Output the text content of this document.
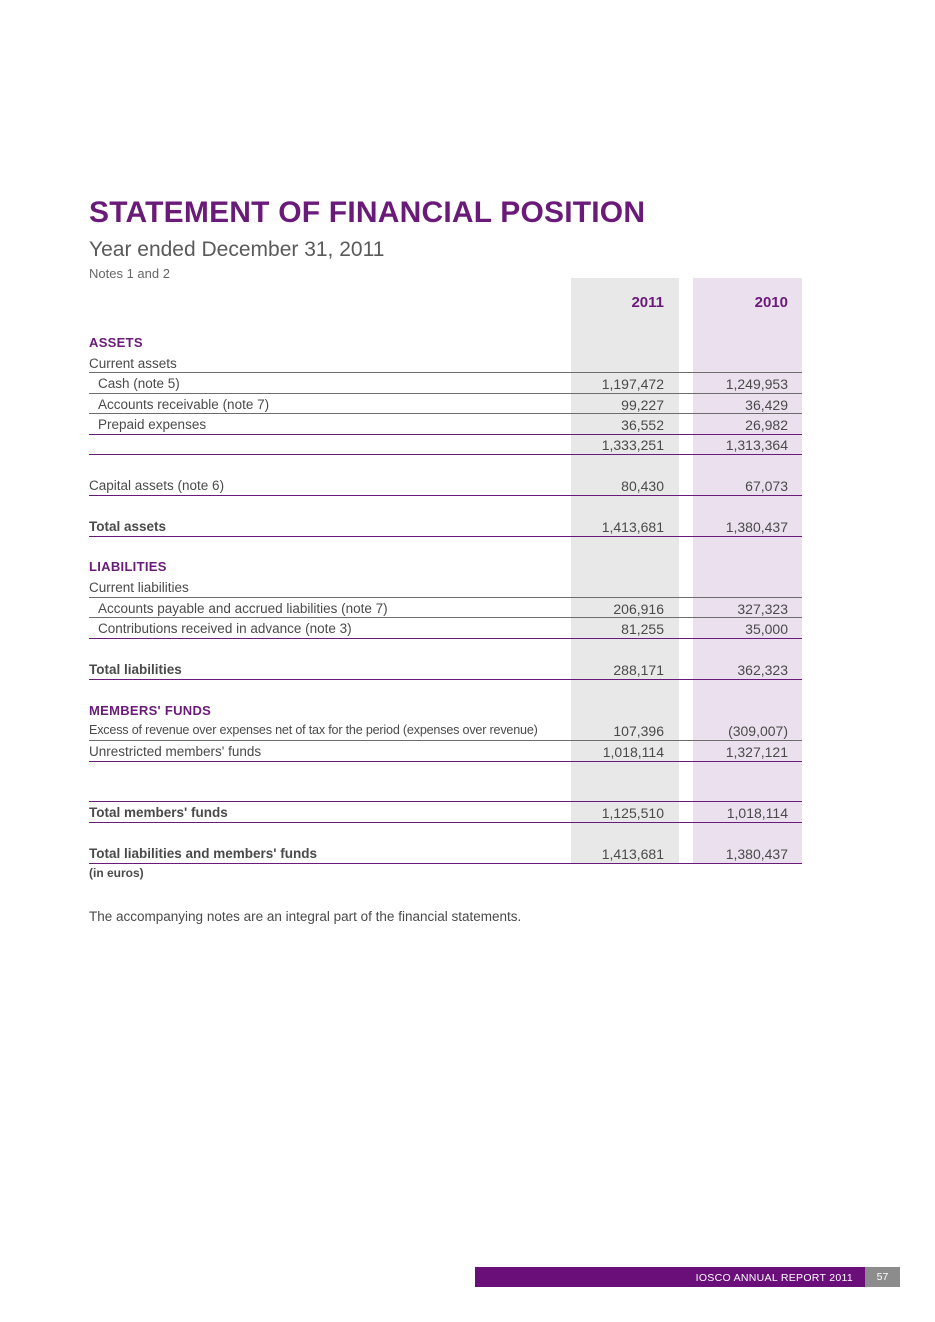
STATEMENT OF FINANCIAL POSITION
Year ended December 31, 2011
Notes 1 and 2
2011	2010
ASSETS
Current assets
Cash (note 5)	1,197,472	1,249,953
Accounts receivable (note 7)	99,227	36,429
Prepaid expenses	36,552	26,982
1,333,251	1,313,364
Capital assets (note 6)	80,430	67,073
Total assets	1,413,681	1,380,437
LIABILITIES
Current liabilities
Accounts payable and accrued liabilities (note 7)	206,916	327,323
Contributions received in advance (note 3)	81,255	35,000
Total liabilities	288,171	362,323
MEMBERS' FUNDS
Excess of revenue over expenses net of tax for the period (expenses over revenue)	107,396	(309,007)
Unrestricted members' funds	1,018,114	1,327,121
Total members' funds	1,125,510	1,018,114
Total liabilities and members' funds	1,413,681	1,380,437
(in euros)
The accompanying notes are an integral part of the financial statements.
IOSCO ANNUAL REPORT 2011	57
